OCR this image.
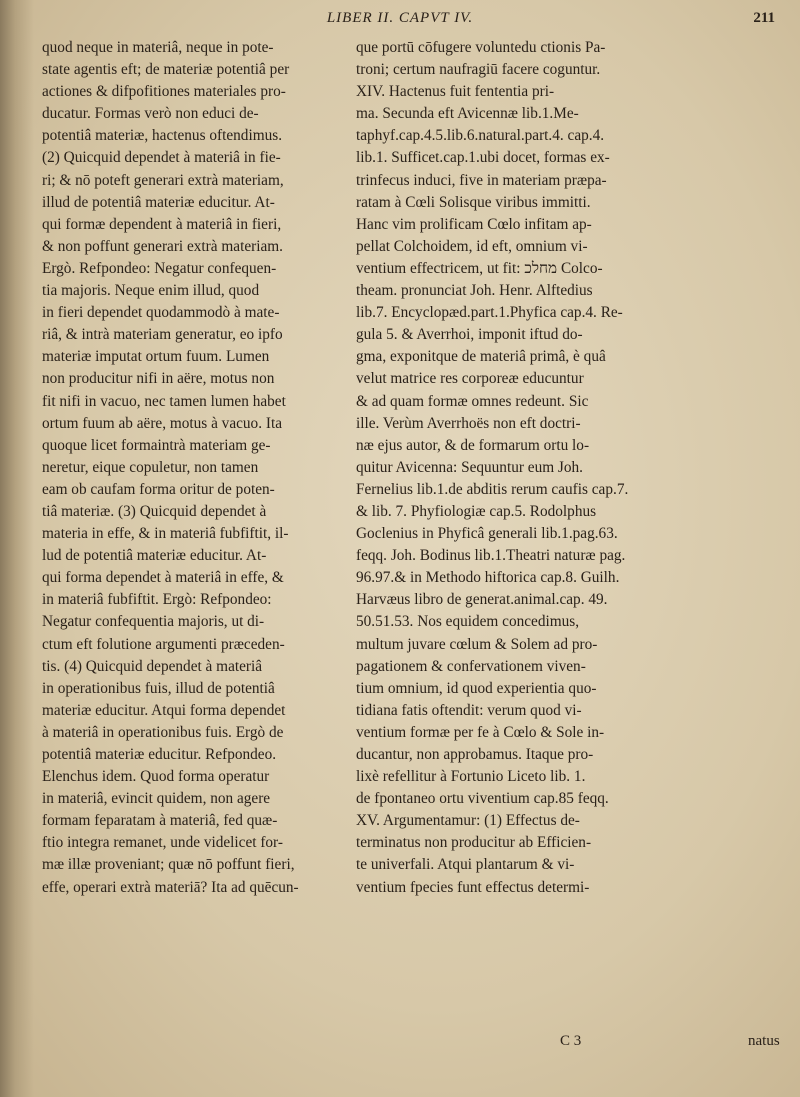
LIBER II. CAPVT IV.	211
quod neque in materiâ, neque in pote-
state agentis eft; de materiæ potentiâ per
actiones & difpofitiones materiales pro-
ducatur. Formas verò non educi de-
potentiâ materiæ, hactenus oftendimus.
(2) Quicquid dependet à materiâ in fie-
ri; & nō poteft generari extrà materiam,
illud de potentiâ materiæ educitur. At-
qui formæ dependent à materiâ in fieri,
& non poffunt generari extrà materiam.
Ergò. Refpondeo: Negatur confequen-
tia majoris. Neque enim illud, quod
in fieri dependet quodammodò à mate-
riâ, & intrà materiam generatur, eo ipfo
materiæ imputat ortum fuum. Lumen
non producitur nifi in aëre, motus non
fit nifi in vacuo, nec tamen lumen habet
ortum fuum ab aëre, motus à vacuo. Ita
quoque licet formaintrà materiam ge-
neretur, eique copuletur, non tamen
eam ob caufam forma oritur de poten-
tiâ materiæ. (3) Quicquid dependet à
materia in effe, & in materiâ fubfiftit, il-
lud de potentiâ materiæ educitur. At-
qui forma dependet à materiâ in effe, &
in materiâ fubfiftit. Ergò: Refpondeo:
Negatur confequentia majoris, ut di-
ctum eft folutione argumenti præceden-
tis. (4) Quicquid dependet à materiâ
in operationibus fuis, illud de potentiâ
materiæ educitur. Atqui forma dependet
à materiâ in operationibus fuis. Ergò de
potentiâ materiæ educitur. Refpondeo.
Elenchus idem. Quod forma operatur
in materiâ, evincit quidem, non agere
formam feparatam à materiâ, fed quæ-
ftio integra remanet, unde videlicet for-
mæ illæ proveniant; quæ nō poffunt fieri,
effe, operari extrà materiā? Ita ad quēcun-
que portū cōfugere voluntedu ctionis Pa-
troni; certum naufragiū facere coguntur.
XIV. Hactenus fuit fententia pri-
ma. Secunda eft Avicennæ lib.1.Me-
taphyf.cap.4.5.lib.6.natural.part.4. cap.4.
lib.1. Sufficet.cap.1.ubi docet, formas ex-
trinfecus induci, five in materiam præpa-
ratam à Cœli Solisque viribus immitti.
Hanc vim prolificam Cœlo infitam ap-
pellat Colchoidem, id eft, omnium vi-
ventium effectricem, ut fit: מחלכ Colco-
theam. pronunciat Joh. Henr. Alftedius
lib.7. Encyclopæd.part.1.Phyfica cap.4. Re-
gula 5. & Averrhoi, imponit iftud do-
gma, exponitque de materiâ primâ, è quâ
velut matrice res corporeæ educuntur
& ad quam formæ omnes redeunt. Sic
ille. Verùm Averrhoës non eft doctri-
næ ejus autor, & de formarum ortu lo-
quitur Avicenna: Sequuntur eum Joh.
Fernelius lib.1.de abditis rerum caufis cap.7.
& lib. 7. Phyfiologiæ cap.5. Rodolphus
Goclenius in Phyficâ generali lib.1.pag.63.
feqq. Joh. Bodinus lib.1.Theatri naturæ pag.
96.97.& in Methodo hiftorica cap.8. Guilh.
Harvæus libro de generat.animal.cap. 49.
50.51.53. Nos equidem concedimus,
multum juvare cœlum & Solem ad pro-
pagationem & confervationem viven-
tium omnium, id quod experientia quo-
tidiana fatis oftendit: verum quod vi-
ventium formæ per fe à Cœlo & Sole in-
ducantur, non approbamus. Itaque pro-
lixè refellitur à Fortunio Liceto lib. 1.
de fpontaneo ortu viventium cap.85 feqq.
XV. Argumentamur: (1) Effectus de-
terminatus non producitur ab Efficien-
te univerfali. Atqui plantarum & vi-
ventium fpecies funt effectus determi-
C 3	natus
